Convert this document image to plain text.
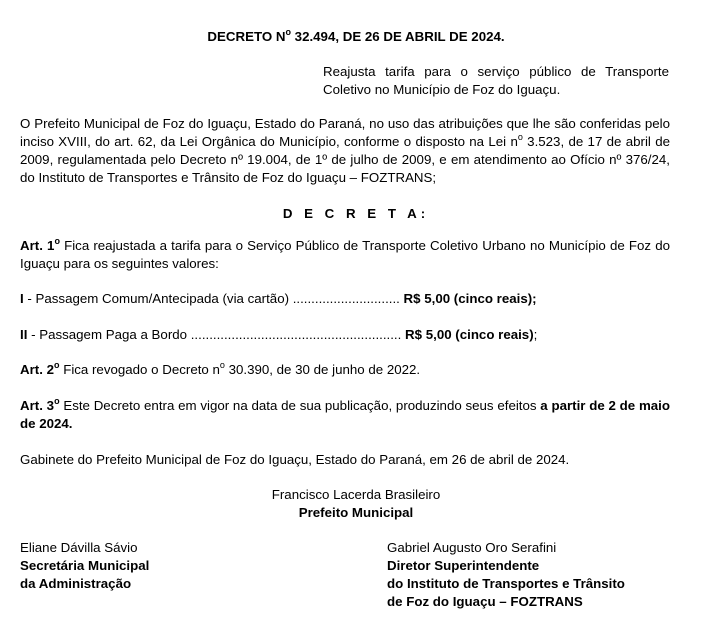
DECRETO $N^o$ 32.494, DE 26 DE ABRIL DE 2024.
Reajusta tarifa para o serviço público de Transporte Coletivo no Município de Foz do Iguaçu.
O Prefeito Municipal de Foz do Iguaçu, Estado do Paraná, no uso das atribuições que lhe são conferidas pelo inciso XVIII, do art. 62, da Lei Orgânica do Município, conforme o disposto na Lei $n^o$ 3.523, de 17 de abril de 2009, regulamentada pelo Decreto nº 19.004, de 1º de julho de 2009, e em atendimento ao Ofício nº 376/24, do Instituto de Transportes e Trânsito de Foz do Iguaçu – FOZTRANS;
D E C R E T A:
Art. 1$^o$ Fica reajustada a tarifa para o Serviço Público de Transporte Coletivo Urbano no Município de Foz do Iguaçu para os seguintes valores:
I - Passagem Comum/Antecipada (via cartão) ............................. R$ 5,00 (cinco reais);
II - Passagem Paga a Bordo ......................................................... R$ 5,00 (cinco reais);
Art. 2$^o$ Fica revogado o Decreto $n^o$ 30.390, de 30 de junho de 2022.
Art. 3$^o$ Este Decreto entra em vigor na data de sua publicação, produzindo seus efeitos a partir de 2 de maio de 2024.
Gabinete do Prefeito Municipal de Foz do Iguaçu, Estado do Paraná, em 26 de abril de 2024.
Francisco Lacerda Brasileiro
Prefeito Municipal
Eliane Dávilla Sávio
Secretária Municipal
da Administração
Gabriel Augusto Oro Serafini
Diretor Superintendente
do Instituto de Transportes e Trânsito
de Foz do Iguaçu – FOZTRANS
